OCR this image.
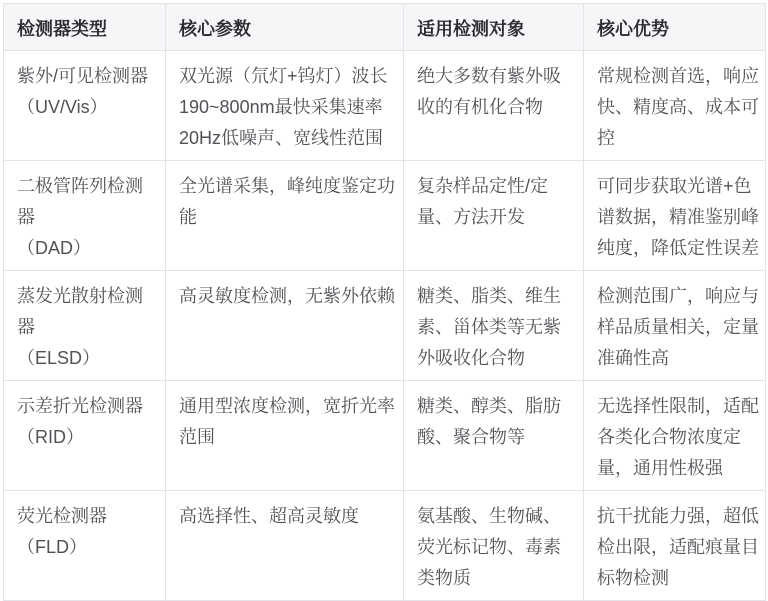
检测器类型	核心参数	适用检测对象	核心优势

紫外/可见检测器
（UV/Vis）	双光源（氘灯+钨灯）波长190~800nm最快采集速率20Hz低噪声、宽线性范围	绝大多数有紫外吸收的有机化合物	常规检测首选，响应快、精度高、成本可控

二极管阵列检测器
（DAD）	全光谱采集，峰纯度鉴定功能	复杂样品定性/定量、方法开发	可同步获取光谱+色谱数据，精准鉴别峰纯度，降低定性误差

蒸发光散射检测器
（ELSD）	高灵敏度检测，无紫外依赖	糖类、脂类、维生素、甾体类等无紫外吸收化合物	检测范围广，响应与样品质量相关，定量准确性高

示差折光检测器
（RID）	通用型浓度检测，宽折光率范围	糖类、醇类、脂肪酸、聚合物等	无选择性限制，适配各类化合物浓度定量，通用性极强

荧光检测器
（FLD）	高选择性、超高灵敏度	氨基酸、生物碱、荧光标记物、毒素类物质	抗干扰能力强，超低检出限，适配痕量目标物检测
